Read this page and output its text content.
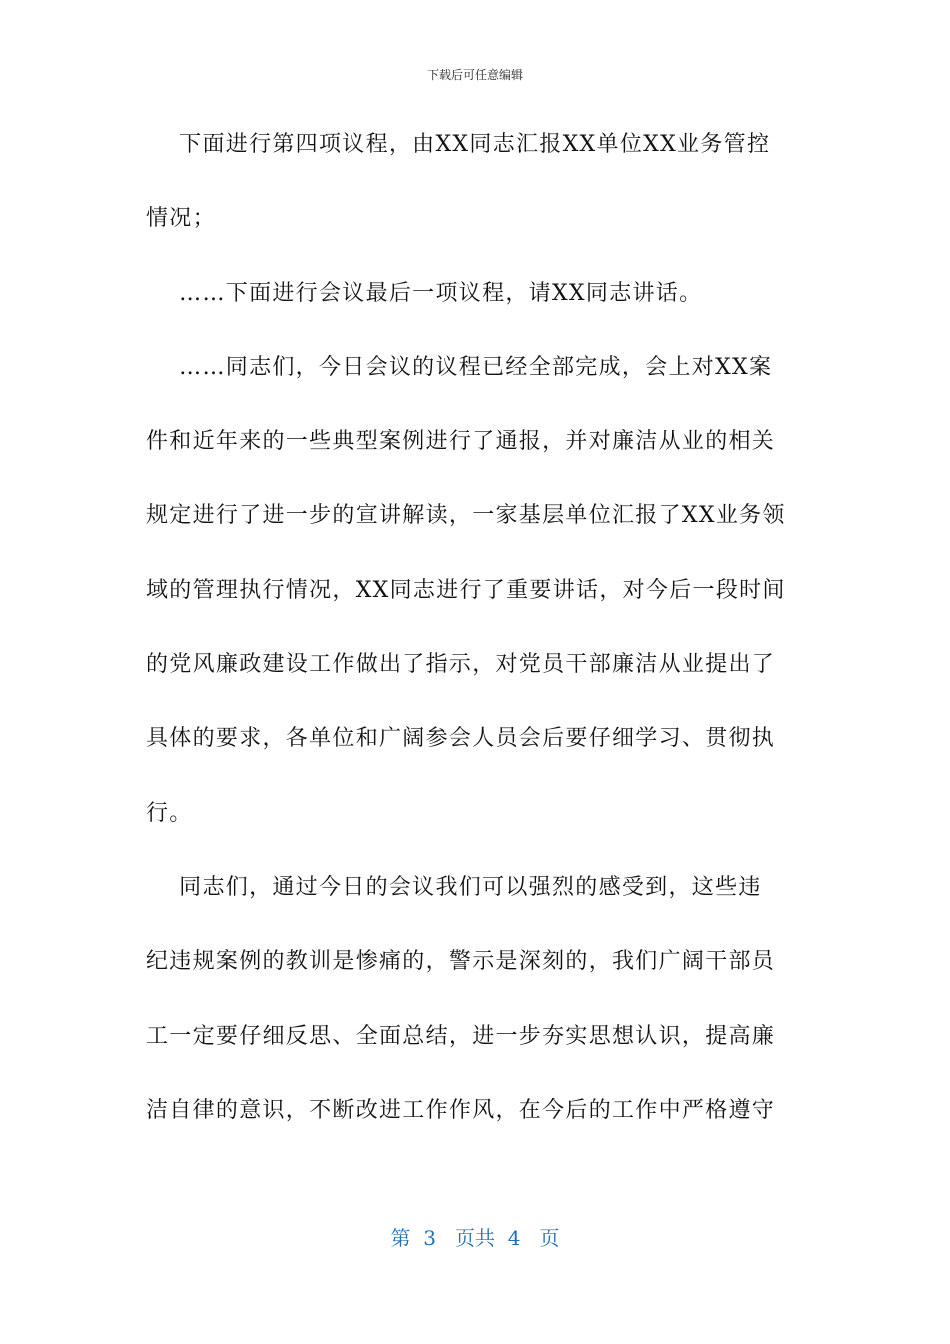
下载后可任意编辑
下面进行第四项议程，由XX同志汇报XX单位XX业务管控
情况；
……下面进行会议最后一项议程，请XX同志讲话。
……同志们，今日会议的议程已经全部完成，会上对XX案
件和近年来的一些典型案例进行了通报，并对廉洁从业的相关
规定进行了进一步的宣讲解读，一家基层单位汇报了XX业务领
域的管理执行情况，XX同志进行了重要讲话，对今后一段时间
的党风廉政建设工作做出了指示，对党员干部廉洁从业提出了
具体的要求，各单位和广阔参会人员会后要仔细学习、贯彻执
行。
同志们，通过今日的会议我们可以强烈的感受到，这些违
纪违规案例的教训是惨痛的，警示是深刻的，我们广阔干部员
工一定要仔细反思、全面总结，进一步夯实思想认识，提高廉
洁自律的意识，不断改进工作作风，在今后的工作中严格遵守
第  3   页共  4   页
